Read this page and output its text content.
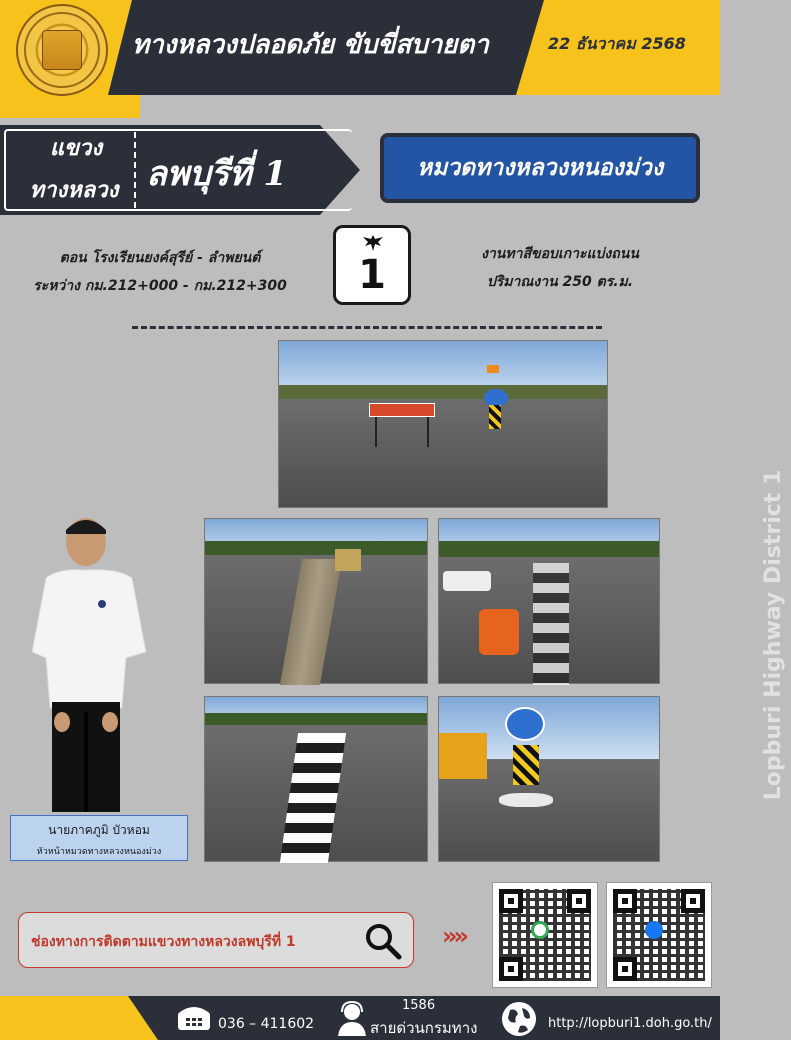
ทางหลวงปลอดภัย ขับขี่สบายตา	22 ธันวาคม 2568
แขวง
ทางหลวง ลพบุรีที่ 1	หมวดทางหลวงหนองม่วง
ตอน โรงเรียนยงค์สุรีย์ - ลำพยนต์
ระหว่าง กม.212+000 - กม.212+300	1	งานทาสีขอบเกาะแบ่งถนน
ปริมาณงาน 250 ตร.ม.
Lopburi Highway District 1
นายภาคภูมิ บัวหอม
หัวหน้าหมวดทางหลวงหนองม่วง
ช่องทางการติดตามแขวงทางหลวงลพบุรีที่ 1	»»
036 – 411602
1586
สายด่วนกรมทาง	http://lopburi1.doh.go.th/
